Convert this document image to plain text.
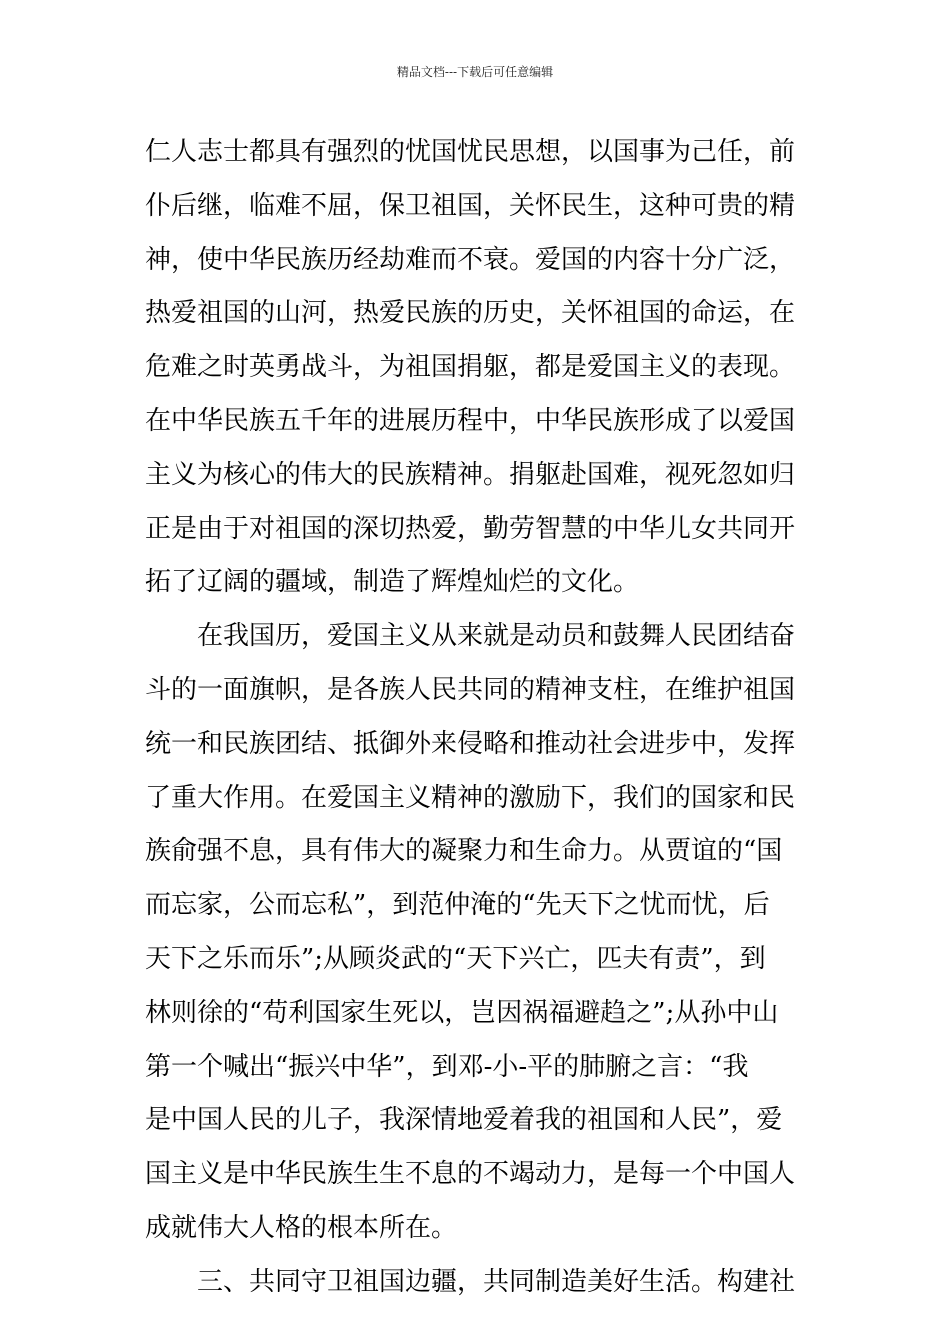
精品文档---下载后可任意编辑
仁人志士都具有强烈的忧国忧民思想，以国事为己任，前
仆后继，临难不屈，保卫祖国，关怀民生，这种可贵的精
神，使中华民族历经劫难而不衰。爱国的内容十分广泛，
热爱祖国的山河，热爱民族的历史，关怀祖国的命运，在
危难之时英勇战斗，为祖国捐躯，都是爱国主义的表现。
在中华民族五千年的进展历程中，中华民族形成了以爱国
主义为核心的伟大的民族精神。捐躯赴国难，视死忽如归
正是由于对祖国的深切热爱，勤劳智慧的中华儿女共同开
拓了辽阔的疆域，制造了辉煌灿烂的文化。
在我国历，爱国主义从来就是动员和鼓舞人民团结奋
斗的一面旗帜，是各族人民共同的精神支柱，在维护祖国
统一和民族团结、抵御外来侵略和推动社会进步中，发挥
了重大作用。在爱国主义精神的激励下，我们的国家和民
族俞强不息，具有伟大的凝聚力和生命力。从贾谊的“国
而忘家，公而忘私”，到范仲淹的“先天下之忧而忧，后
天下之乐而乐”;从顾炎武的“天下兴亡，匹夫有责”，到
林则徐的“苟利国家生死以，岂因祸福避趋之”;从孙中山
第一个喊出“振兴中华”，到邓-小-平的肺腑之言：“我
是中国人民的儿子，我深情地爱着我的祖国和人民”，爱
国主义是中华民族生生不息的不竭动力，是每一个中国人
成就伟大人格的根本所在。
三、共同守卫祖国边疆，共同制造美好生活。构建社
